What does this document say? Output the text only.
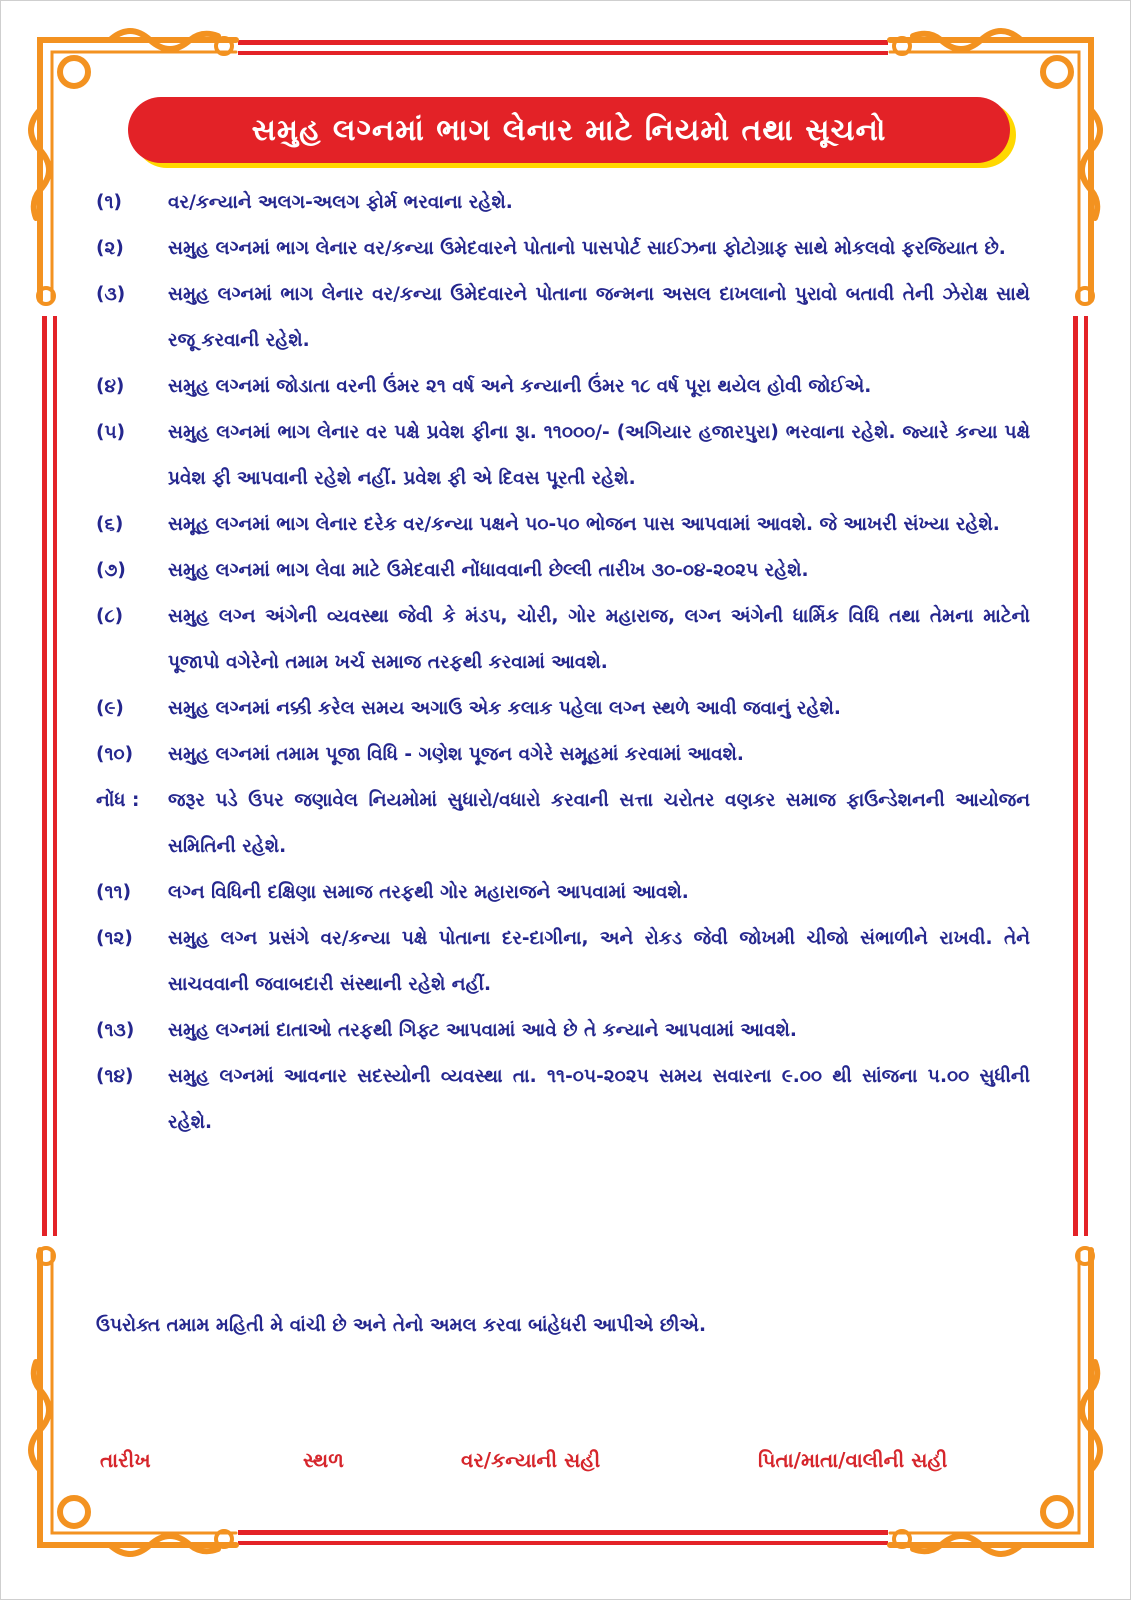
સમુહ લગ્નમાં ભાગ લેનાર માટે નિયમો તથા સૂચનો
(૧)	વર/કન્યાને અલગ-અલગ ફોર્મ ભરવાના રહેશે.
(૨)	સમુહ લગ્નમાં ભાગ લેનાર વર/કન્યા ઉમેદવારને પોતાનો પાસપોર્ટ સાઈઝના ફોટોગ્રાફ સાથે મોકલવો ફરજિયાત છે.
(૩)	સમુહ લગ્નમાં ભાગ લેનાર વર/કન્યા ઉમેદવારને પોતાના જન્મના અસલ દાખલાનો પુરાવો બતાવી તેની ઝેરોક્ષ સાથે રજૂ કરવાની રહેશે.
(૪)	સમુહ લગ્નમાં જોડાતા વરની ઉંમર ૨૧ વર્ષ અને કન્યાની ઉંમર ૧૮ વર્ષ પૂરા થયેલ હોવી જોઈએ.
(૫)	સમુહ લગ્નમાં ભાગ લેનાર વર પક્ષે પ્રવેશ ફીના રૂા. ૧૧૦૦૦/- (અગિયાર હજારપુરા) ભરવાના રહેશે. જ્યારે કન્યા પક્ષે પ્રવેશ ફી આપવાની રહેશે નહીં. પ્રવેશ ફી એ દિવસ પૂરતી રહેશે.
(૬)	સમૂહ લગ્નમાં ભાગ લેનાર દરેક વર/કન્યા પક્ષને ૫૦-૫૦ ભોજન પાસ આપવામાં આવશે. જે આખરી સંખ્યા રહેશે.
(૭)	સમુહ લગ્નમાં ભાગ લેવા માટે ઉમેદવારી નોંધાવવાની છેલ્લી તારીખ ૩૦-૦૪-૨૦૨૫ રહેશે.
(૮)	સમુહ લગ્ન અંગેની વ્યવસ્થા જેવી કે મંડપ, ચોરી, ગોર મહારાજ, લગ્ન અંગેની ધાર્મિક વિધિ તથા તેમના માટેનો પૂજાપો વગેરેનો તમામ ખર્ચ સમાજ તરફથી કરવામાં આવશે.
(૯)	સમુહ લગ્નમાં નક્કી કરેલ સમય અગાઉ એક કલાક પહેલા લગ્ન સ્થળે આવી જવાનું રહેશે.
(૧૦)	સમુહ લગ્નમાં તમામ પૂજા વિધિ - ગણેશ પૂજન વગેરે સમૂહમાં કરવામાં આવશે.
નોંધ :	જરૂર પડે ઉપર જણાવેલ નિયમોમાં સુધારો/વધારો કરવાની સત્તા ચરોતર વણકર સમાજ ફાઉન્ડેશનની આયોજન સમિતિની રહેશે.
(૧૧)	લગ્ન વિધિની દક્ષિણા સમાજ તરફથી ગોર મહારાજને આપવામાં આવશે.
(૧૨)	સમુહ લગ્ન પ્રસંગે વર/કન્યા પક્ષે પોતાના દર-દાગીના, અને રોકડ જેવી જોખમી ચીજો સંભાળીને રાખવી. તેને સાચવવાની જવાબદારી સંસ્થાની રહેશે નહીં.
(૧૩)	સમુહ લગ્નમાં દાતાઓ તરફથી ગિફ્ટ આપવામાં આવે છે તે કન્યાને આપવામાં આવશે.
(૧૪)	સમુહ લગ્નમાં આવનાર સદસ્યોની વ્યવસ્થા તા. ૧૧-૦૫-૨૦૨૫ સમય સવારના ૯.૦૦ થી સાંજના ૫.૦૦ સુધીની રહેશે.
ઉપરોક્ત તમામ મહિતી મે વાંચી છે અને તેનો અમલ કરવા બાંહેધરી આપીએ છીએ.
તારીખ	સ્થળ	વર/કન્યાની સહી	પિતા/માતા/વાલીની સહી
